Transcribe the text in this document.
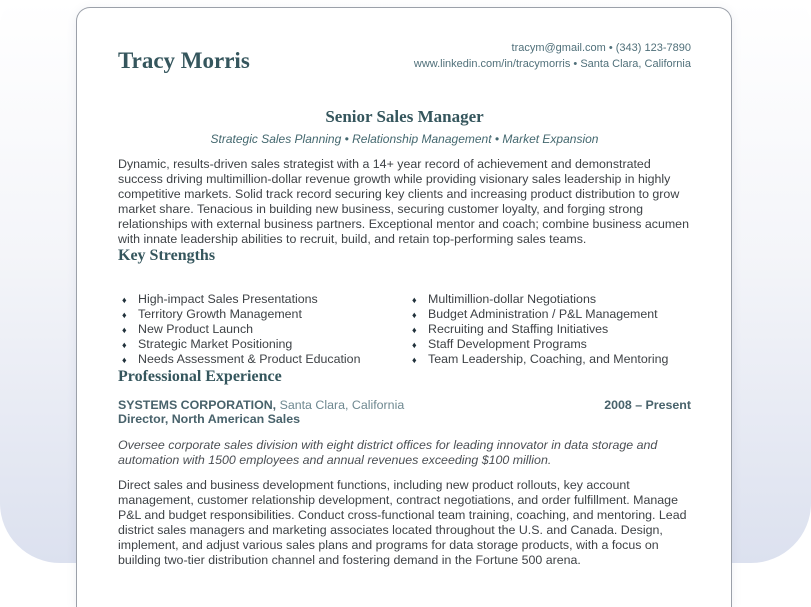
Tracy Morris	tracym@gmail.com • (343) 123-7890
www.linkedin.com/in/tracymorris • Santa Clara, California
Senior Sales Manager
Strategic Sales Planning • Relationship Management • Market Expansion

Dynamic, results-driven sales strategist with a 14+ year record of achievement and demonstrated success driving multimillion-dollar revenue growth while providing visionary sales leadership in highly competitive markets. Solid track record securing key clients and increasing product distribution to grow market share. Tenacious in building new business, securing customer loyalty, and forging strong relationships with external business partners. Exceptional mentor and coach; combine business acumen with innate leadership abilities to recruit, build, and retain top-performing sales teams.

Key Strengths
♦ High-impact Sales Presentations
♦ Territory Growth Management
♦ New Product Launch
♦ Strategic Market Positioning
♦ Needs Assessment & Product Education
♦ Multimillion-dollar Negotiations
♦ Budget Administration / P&L Management
♦ Recruiting and Staffing Initiatives
♦ Staff Development Programs
♦ Team Leadership, Coaching, and Mentoring
Professional Experience
SYSTEMS CORPORATION, Santa Clara, California	2008 – Present
Director, North American Sales

Oversee corporate sales division with eight district offices for leading innovator in data storage and automation with 1500 employees and annual revenues exceeding $100 million.

Direct sales and business development functions, including new product rollouts, key account management, customer relationship development, contract negotiations, and order fulfillment. Manage P&L and budget responsibilities. Conduct cross-functional team training, coaching, and mentoring. Lead district sales managers and marketing associates located throughout the U.S. and Canada. Design, implement, and adjust various sales plans and programs for data storage products, with a focus on building two-tier distribution channel and fostering demand in the Fortune 500 arena.
